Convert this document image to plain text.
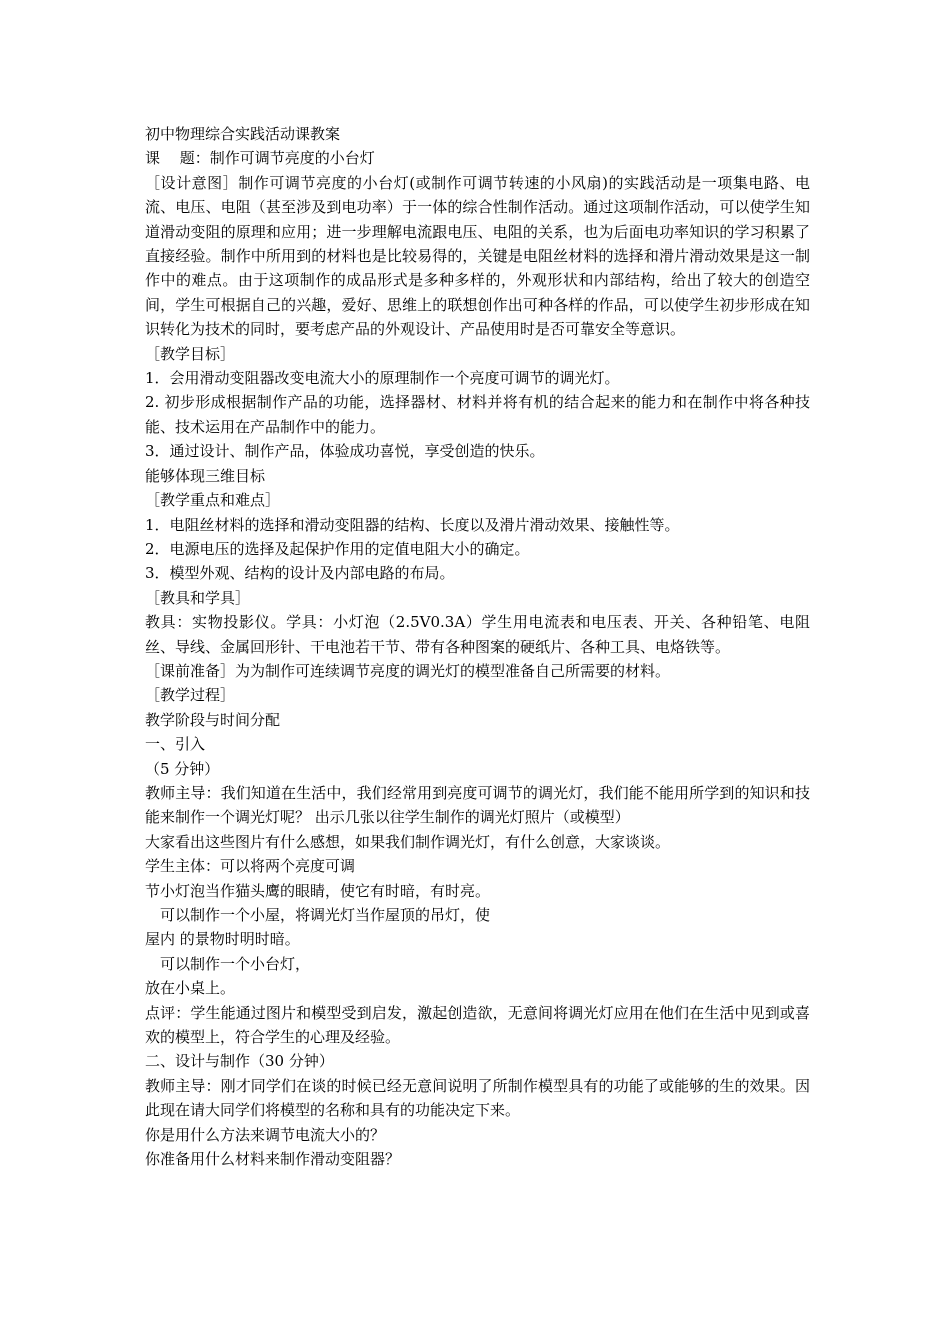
初中物理综合实践活动课教案

课　 题：制作可调节亮度的小台灯

［设计意图］制作可调节亮度的小台灯(或制作可调节转速的小风扇)的实践活动是一项集电路、电流、电压、电阻（甚至涉及到电功率）于一体的综合性制作活动。通过这项制作活动，可以使学生知道滑动变阻的原理和应用；进一步理解电流跟电压、电阻的关系，也为后面电功率知识的学习积累了直接经验。制作中所用到的材料也是比较易得的，关键是电阻丝材料的选择和滑片滑动效果是这一制作中的难点。由于这项制作的成品形式是多种多样的，外观形状和内部结构，给出了较大的创造空间，学生可根据自己的兴趣，爱好、思维上的联想创作出可种各样的作品，可以使学生初步形成在知识转化为技术的同时，要考虑产品的外观设计、产品使用时是否可靠安全等意识。

［教学目标］

1．会用滑动变阻器改变电流大小的原理制作一个亮度可调节的调光灯。

2. 初步形成根据制作产品的功能，选择器材、材料并将有机的结合起来的能力和在制作中将各种技能、技术运用在产品制作中的能力。

3．通过设计、制作产品，体验成功喜悦，享受创造的快乐。

能够体现三维目标

［教学重点和难点］

1．电阻丝材料的选择和滑动变阻器的结构、长度以及滑片滑动效果、接触性等。

2．电源电压的选择及起保护作用的定值电阻大小的确定。

3．模型外观、结构的设计及内部电路的布局。

［教具和学具］

教具：实物投影仪。学具：小灯泡（2.5V0.3A）学生用电流表和电压表、开关、各种铅笔、电阻丝、导线、金属回形针、干电池若干节、带有各种图案的硬纸片、各种工具、电烙铁等。

［课前准备］为为制作可连续调节亮度的调光灯的模型准备自己所需要的材料。

［教学过程］

教学阶段与时间分配

一、引入

（5 分钟）

教师主导：我们知道在生活中，我们经常用到亮度可调节的调光灯，我们能不能用所学到的知识和技能来制作一个调光灯呢？ 出示几张以往学生制作的调光灯照片（或模型）

大家看出这些图片有什么感想，如果我们制作调光灯，有什么创意，大家谈谈。

学生主体：可以将两个亮度可调

节小灯泡当作猫头鹰的眼睛，使它有时暗，有时亮。

　可以制作一个小屋，将调光灯当作屋顶的吊灯，使

屋内 的景物时明时暗。

　可以制作一个小台灯，

放在小桌上。

点评：学生能通过图片和模型受到启发，激起创造欲，无意间将调光灯应用在他们在生活中见到或喜欢的模型上，符合学生的心理及经验。

二、设计与制作（30 分钟）

教师主导：刚才同学们在谈的时候已经无意间说明了所制作模型具有的功能了或能够的生的效果。因此现在请大同学们将模型的名称和具有的功能决定下来。

你是用什么方法来调节电流大小的？

你准备用什么材料来制作滑动变阻器？
